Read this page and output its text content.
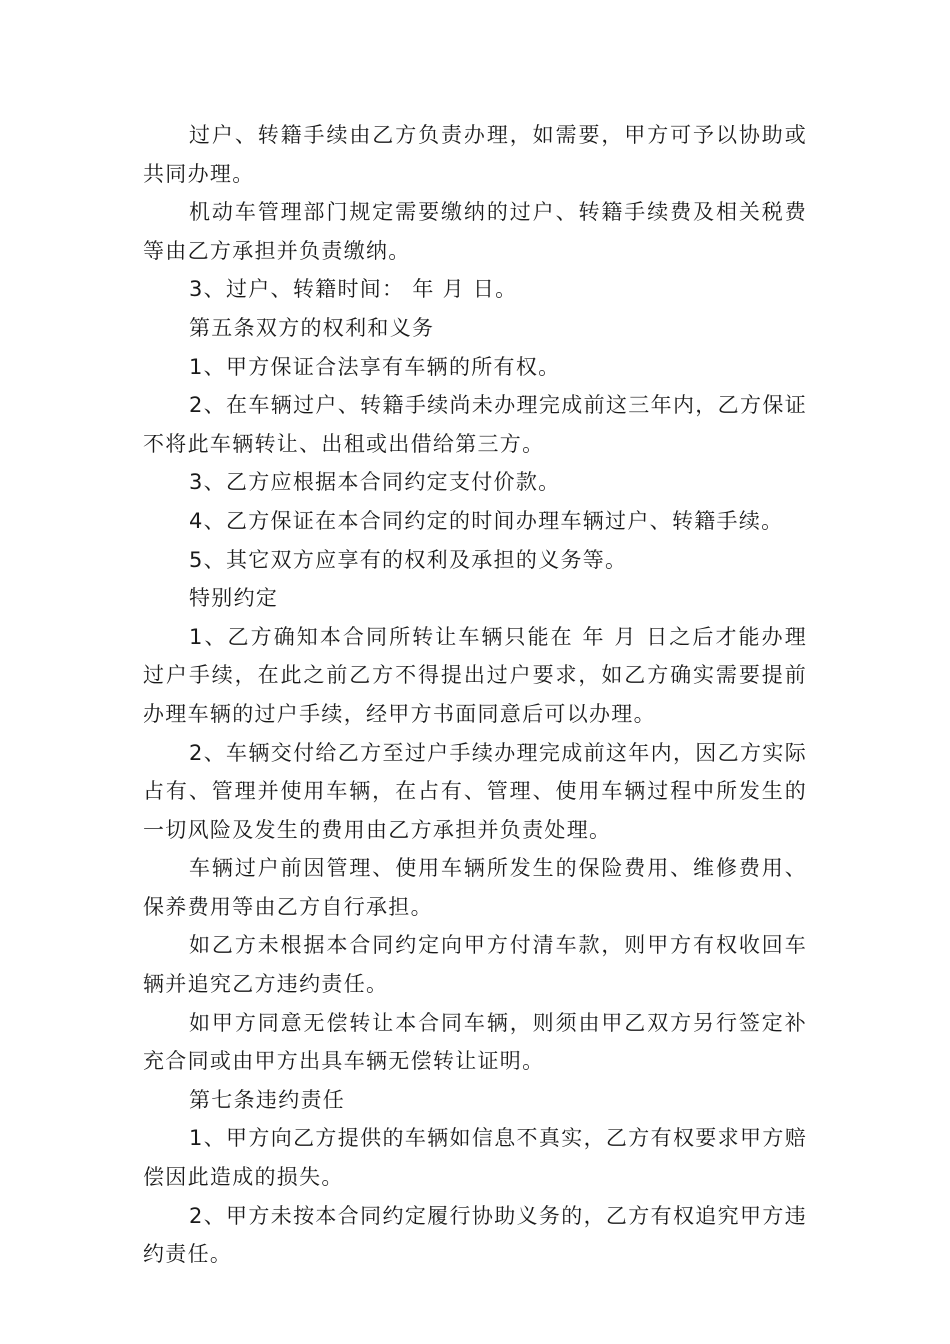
过户、转籍手续由乙方负责办理，如需要，甲方可予以协助或共同办理。

机动车管理部门规定需要缴纳的过户、转籍手续费及相关税费等由乙方承担并负责缴纳。

3、过户、转籍时间： 年 月 日。

第五条双方的权利和义务

1、甲方保证合法享有车辆的所有权。

2、在车辆过户、转籍手续尚未办理完成前这三年内，乙方保证不将此车辆转让、出租或出借给第三方。

3、乙方应根据本合同约定支付价款。

4、乙方保证在本合同约定的时间办理车辆过户、转籍手续。

5、其它双方应享有的权利及承担的义务等。

特别约定

1、乙方确知本合同所转让车辆只能在 年 月 日之后才能办理过户手续，在此之前乙方不得提出过户要求，如乙方确实需要提前办理车辆的过户手续，经甲方书面同意后可以办理。

2、车辆交付给乙方至过户手续办理完成前这年内，因乙方实际占有、管理并使用车辆，在占有、管理、使用车辆过程中所发生的一切风险及发生的费用由乙方承担并负责处理。

车辆过户前因管理、使用车辆所发生的保险费用、维修费用、保养费用等由乙方自行承担。

如乙方未根据本合同约定向甲方付清车款，则甲方有权收回车辆并追究乙方违约责任。

如甲方同意无偿转让本合同车辆，则须由甲乙双方另行签定补充合同或由甲方出具车辆无偿转让证明。

第七条违约责任

1、甲方向乙方提供的车辆如信息不真实，乙方有权要求甲方赔偿因此造成的损失。

2、甲方未按本合同约定履行协助义务的，乙方有权追究甲方违约责任。
